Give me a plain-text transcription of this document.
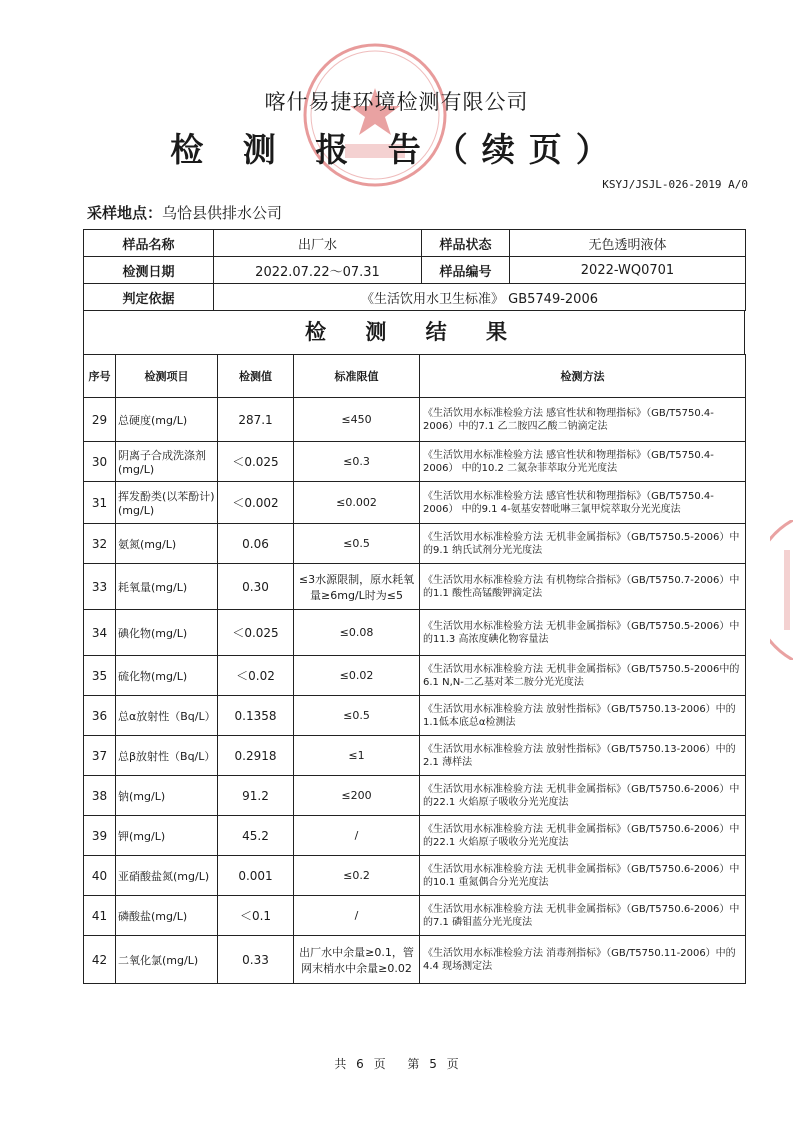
喀什易捷环境检测有限公司
检 测 报 告（续页）
KSYJ/JSJL-026-2019 A/0
采样地点：乌恰县供排水公司
样品名称	出厂水	样品状态	无色透明液体
检测日期	2022.07.22～07.31	样品编号	2022-WQ0701
判定依据	《生活饮用水卫生标准》 GB5749-2006		
检 测 结 果
序号	检测项目	检测值	标准限值	检测方法
29	总硬度(mg/L)	287.1	≤450	《生活饮用水标准检验方法 感官性状和物理指标》（GB/T5750.4-2006）中的7.1 乙二胺四乙酸二钠滴定法
30	阴离子合成洗涤剂(mg/L)	＜0.025	≤0.3	《生活饮用水标准检验方法 感官性状和物理指标》（GB/T5750.4-2006） 中的10.2 二氮杂菲萃取分光光度法
31	挥发酚类(以苯酚计)(mg/L)	＜0.002	≤0.002	《生活饮用水标准检验方法 感官性状和物理指标》（GB/T5750.4-2006） 中的9.1 4-氨基安替吡啉三氯甲烷萃取分光光度法
32	氨氮(mg/L)	0.06	≤0.5	《生活饮用水标准检验方法 无机非金属指标》（GB/T5750.5-2006）中的9.1 纳氏试剂分光光度法
33	耗氧量(mg/L)	0.30	≤3水源限制，原水耗氧量≥6mg/L时为≤5	《生活饮用水标准检验方法 有机物综合指标》（GB/T5750.7-2006）中的1.1 酸性高锰酸钾滴定法
34	碘化物(mg/L)	＜0.025	≤0.08	《生活饮用水标准检验方法 无机非金属指标》（GB/T5750.5-2006）中的11.3 高浓度碘化物容量法
35	硫化物(mg/L)	＜0.02	≤0.02	《生活饮用水标准检验方法 无机非金属指标》（GB/T5750.5-2006中的6.1 N,N-二乙基对苯二胺分光光度法
36	总α放射性（Bq/L）	0.1358	≤0.5	《生活饮用水标准检验方法 放射性指标》（GB/T5750.13-2006）中的1.1低本底总α检测法
37	总β放射性（Bq/L）	0.2918	≤1	《生活饮用水标准检验方法 放射性指标》（GB/T5750.13-2006）中的2.1 薄样法
38	钠(mg/L)	91.2	≤200	《生活饮用水标准检验方法 无机非金属指标》（GB/T5750.6-2006）中的22.1 火焰原子吸收分光光度法
39	钾(mg/L)	45.2	/	《生活饮用水标准检验方法 无机非金属指标》（GB/T5750.6-2006）中的22.1 火焰原子吸收分光光度法
40	亚硝酸盐氮(mg/L)	0.001	≤0.2	《生活饮用水标准检验方法 无机非金属指标》（GB/T5750.6-2006）中的10.1 重氮偶合分光光度法
41	磷酸盐(mg/L)	＜0.1	/	《生活饮用水标准检验方法 无机非金属指标》（GB/T5750.6-2006）中的7.1 磷钼蓝分光光度法
42	二氧化氯(mg/L)	0.33	出厂水中余量≥0.1，管网末梢水中余量≥0.02	《生活饮用水标准检验方法 消毒剂指标》（GB/T5750.11-2006）中的4.4 现场测定法
共 6 页 第 5 页
